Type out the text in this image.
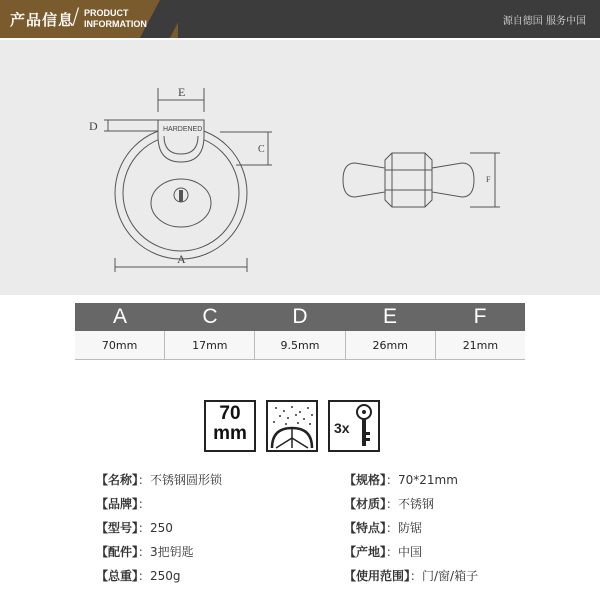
产品信息
/ PRODUCT
INFORMATION	源自德国 服务中国
E
D
C
A
F
HARDENED
A	C	D	E	F
70mm	17mm	9.5mm	26mm	21mm
70
mm	3x
【名称】：不锈钢圆形锁
【品牌】：
【型号】：250
【配件】：3把钥匙
【总重】：250g
【规格】：70*21mm
【材质】：不锈钢
【特点】：防锯
【产地】：中国
【使用范围】：门/窗/箱子
